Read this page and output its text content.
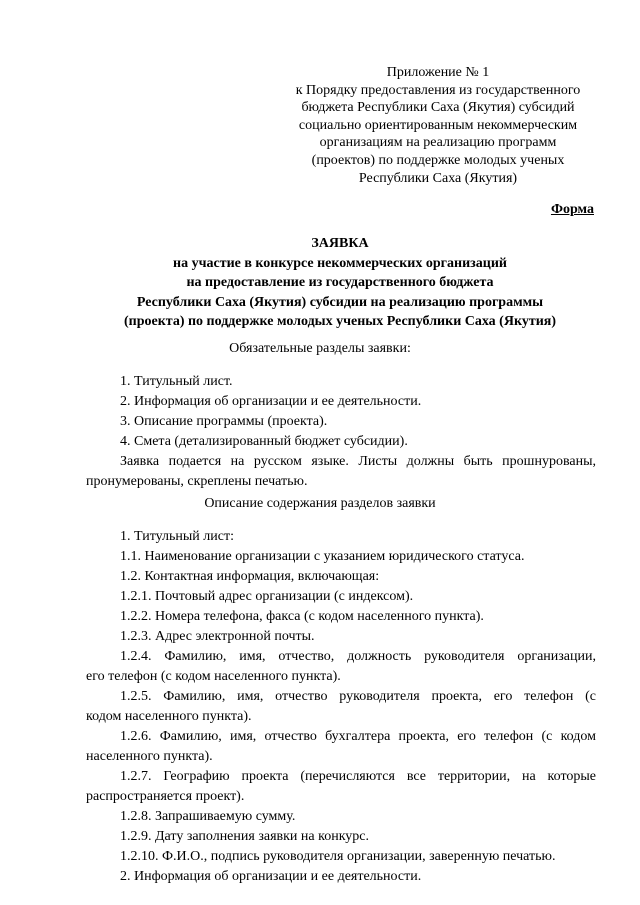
Приложение № 1
к Порядку предоставления из государственного
бюджета Республики Саха (Якутия) субсидий
социально ориентированным некоммерческим
организациям на реализацию программ
(проектов) по поддержке молодых ученых
Республики Саха (Якутия)
Форма
ЗАЯВКА
на участие в конкурсе некоммерческих организаций
на предоставление из государственного бюджета
Республики Саха (Якутия) субсидии на реализацию программы
(проекта) по поддержке молодых ученых Республики Саха (Якутия)
Обязательные разделы заявки:
1. Титульный лист.
2. Информация об организации и ее деятельности.
3. Описание программы (проекта).
4. Смета (детализированный бюджет субсидии).
Заявка подается на русском языке. Листы должны быть прошнурованы,
пронумерованы, скреплены печатью.
Описание содержания разделов заявки
1. Титульный лист:
1.1. Наименование организации с указанием юридического статуса.
1.2. Контактная информация, включающая:
1.2.1. Почтовый адрес организации (с индексом).
1.2.2. Номера телефона, факса (с кодом населенного пункта).
1.2.3. Адрес электронной почты.
1.2.4. Фамилию, имя, отчество, должность руководителя организации,
его телефон (с кодом населенного пункта).
1.2.5. Фамилию, имя, отчество руководителя проекта, его телефон (с
кодом населенного пункта).
1.2.6. Фамилию, имя, отчество бухгалтера проекта, его телефон (с кодом
населенного пункта).
1.2.7. Географию проекта (перечисляются все территории, на которые
распространяется проект).
1.2.8. Запрашиваемую сумму.
1.2.9. Дату заполнения заявки на конкурс.
1.2.10. Ф.И.О., подпись руководителя организации, заверенную печатью.
2. Информация об организации и ее деятельности.
